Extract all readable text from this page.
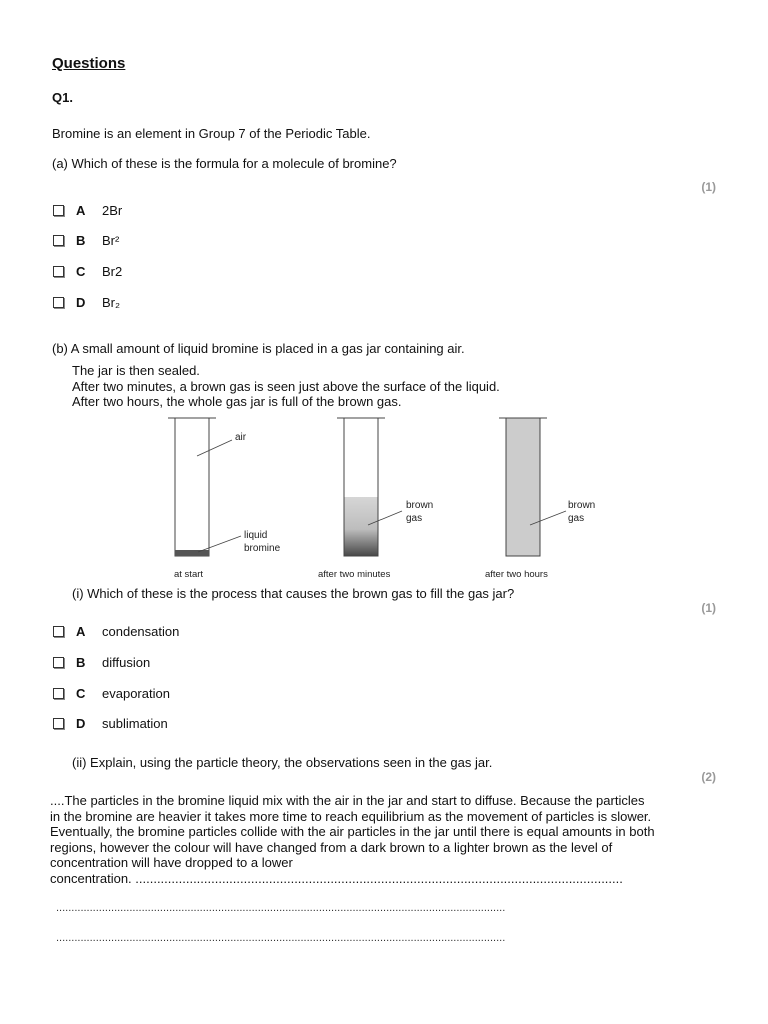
Questions
Q1.
Bromine is an element in Group 7 of the Periodic Table.
(a) Which of these is the formula for a molecule of bromine?
(1)
A	2Br
B	Br²
C	Br2
D	Br₂
(b) A small amount of liquid bromine is placed in a gas jar containing air.
The jar is then sealed.
After two minutes, a brown gas is seen just above the surface of the liquid.
After two hours, the whole gas jar is full of the brown gas.
air
liquid
bromine
at start
brown
gas
after two minutes
brown
gas
after two hours
(i) Which of these is the process that causes the brown gas to fill the gas jar?
(1)
A	condensation
B	diffusion
C	evaporation
D	sublimation
(ii) Explain, using the particle theory, the observations seen in the gas jar.
(2)
....The particles in the bromine liquid mix with the air in the jar and start to diffuse. Because the particles
in the bromine are heavier it takes more time to reach equilibrium as the movement of particles is slower.
Eventually, the bromine particles collide with the air particles in the jar until there is equal amounts in both
regions, however the colour will have changed from a dark brown to a lighter brown as the level of
concentration will have dropped to a lower
concentration. .......................................................................................................................................
...................................................................................................................................................
...................................................................................................................................................
